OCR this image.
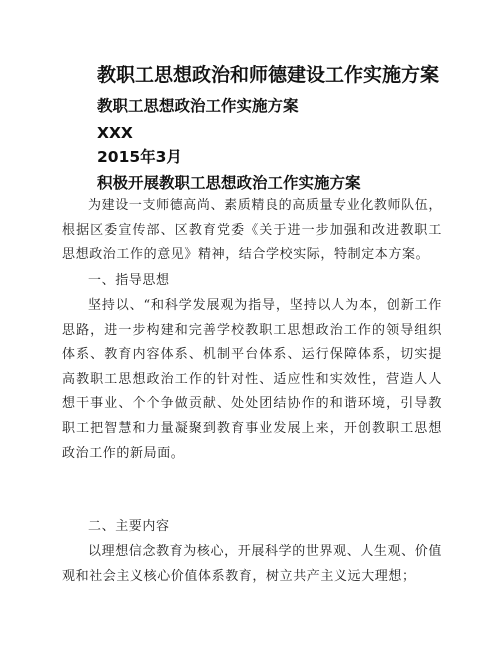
教职工思想政治和师德建设工作实施方案
教职工思想政治工作实施方案
XXX
2015年3月
积极开展教职工思想政治工作实施方案
为建设一支师德高尚、素质精良的高质量专业化教师队伍，根据区委宣传部、区教育党委《关于进一步加强和改进教职工思想政治工作的意见》精神，结合学校实际，特制定本方案。
一、指导思想
坚持以、“和科学发展观为指导，坚持以人为本，创新工作思路，进一步构建和完善学校教职工思想政治工作的领导组织体系、教育内容体系、机制平台体系、运行保障体系，切实提高教职工思想政治工作的针对性、适应性和实效性，营造人人想干事业、个个争做贡献、处处团结协作的和谐环境，引导教职工把智慧和力量凝聚到教育事业发展上来，开创教职工思想政治工作的新局面。
二、主要内容
以理想信念教育为核心，开展科学的世界观、人生观、价值观和社会主义核心价值体系教育，树立共产主义远大理想；
